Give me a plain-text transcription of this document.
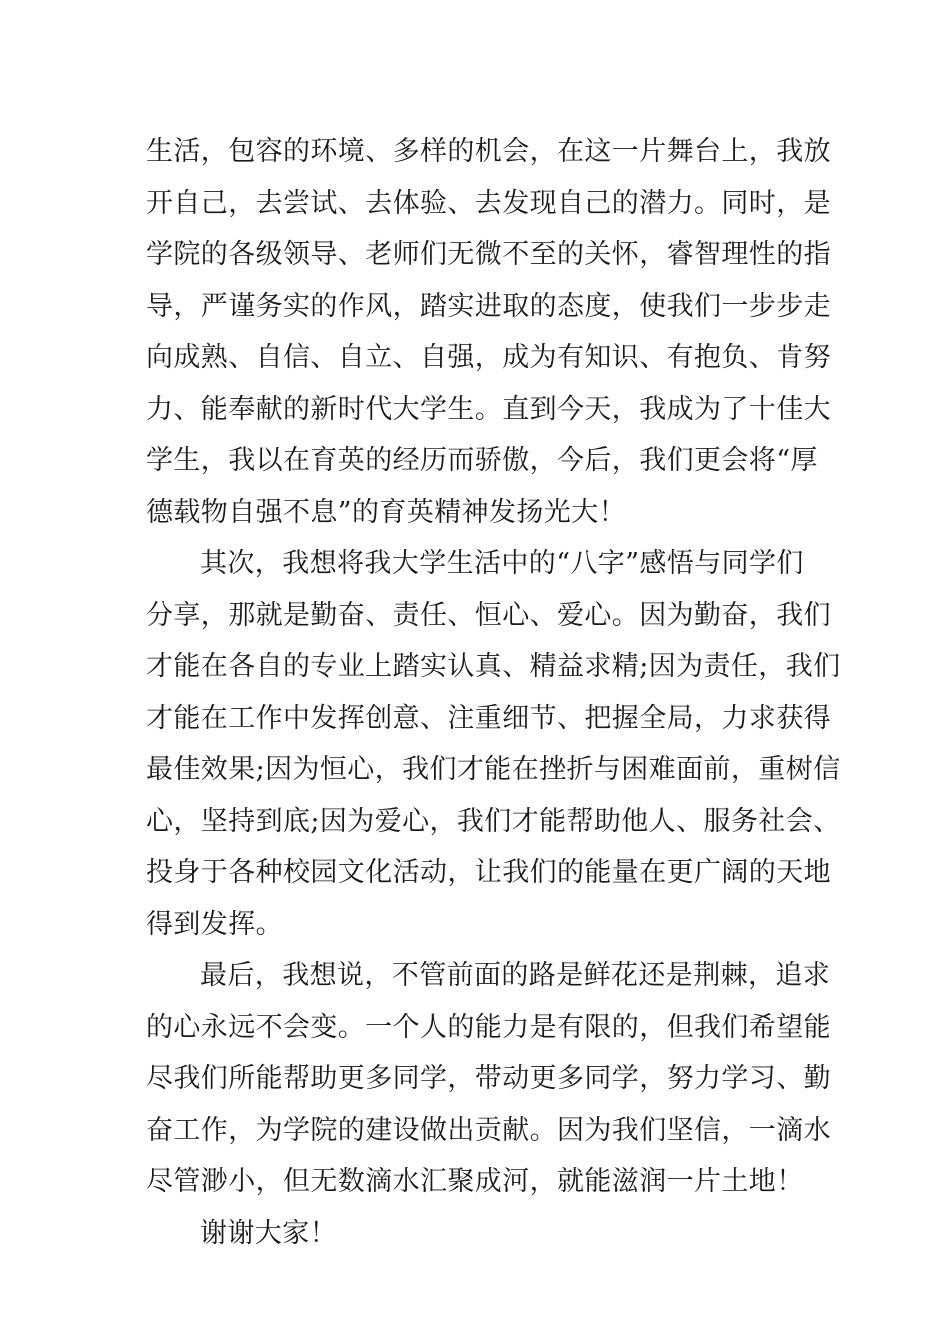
生活，包容的环境、多样的机会，在这一片舞台上，我放
开自己，去尝试、去体验、去发现自己的潜力。同时，是
学院的各级领导、老师们无微不至的关怀，睿智理性的指
导，严谨务实的作风，踏实进取的态度，使我们一步步走
向成熟、自信、自立、自强，成为有知识、有抱负、肯努
力、能奉献的新时代大学生。直到今天，我成为了十佳大
学生，我以在育英的经历而骄傲，今后，我们更会将“厚
德载物自强不息”的育英精神发扬光大！
其次，我想将我大学生活中的“八字”感悟与同学们
分享，那就是勤奋、责任、恒心、爱心。因为勤奋，我们
才能在各自的专业上踏实认真、精益求精;因为责任，我们
才能在工作中发挥创意、注重细节、把握全局，力求获得
最佳效果;因为恒心，我们才能在挫折与困难面前，重树信
心，坚持到底;因为爱心，我们才能帮助他人、服务社会、
投身于各种校园文化活动，让我们的能量在更广阔的天地
得到发挥。
最后，我想说，不管前面的路是鲜花还是荆棘，追求
的心永远不会变。一个人的能力是有限的，但我们希望能
尽我们所能帮助更多同学，带动更多同学，努力学习、勤
奋工作，为学院的建设做出贡献。因为我们坚信，一滴水
尽管渺小，但无数滴水汇聚成河，就能滋润一片土地！
谢谢大家！
